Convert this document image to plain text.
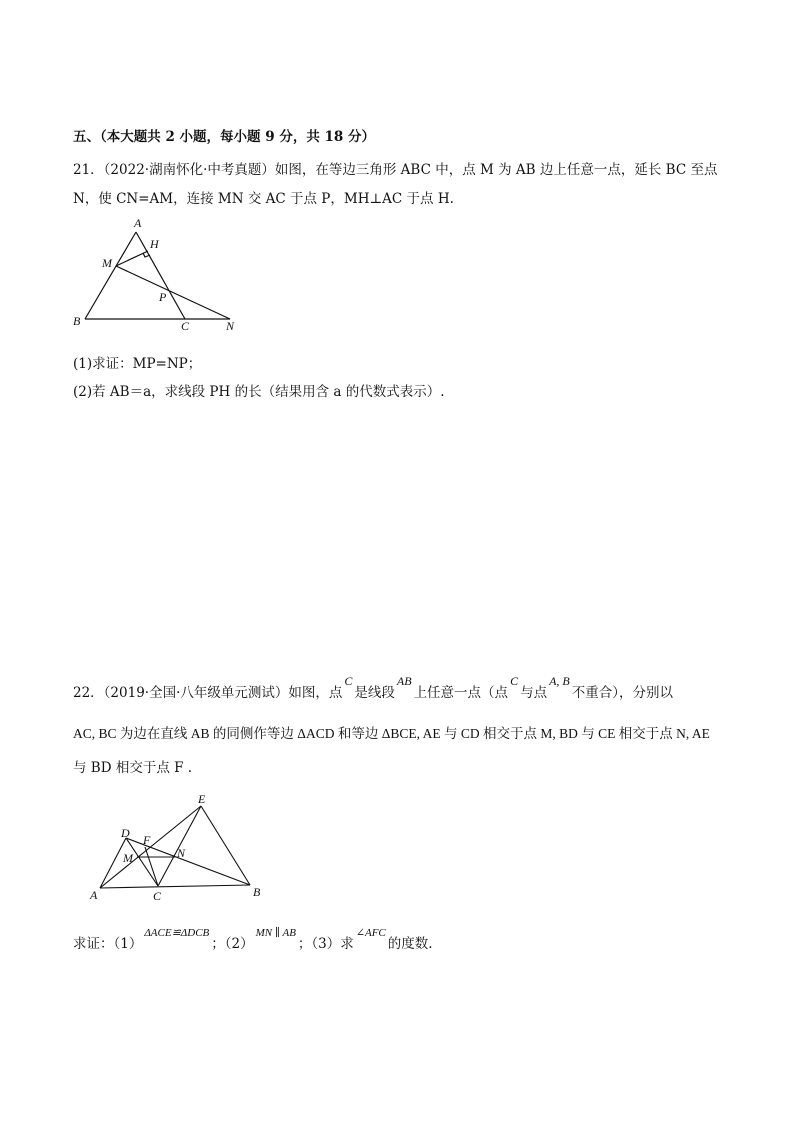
五、（本大题共 2 小题，每小题 9 分，共 18 分）
21．（2022·湖南怀化·中考真题）如图，在等边三角形 ABC 中，点 M 为 AB 边上任意一点，延长 BC 至点
N，使 CN=AM，连接 MN 交 AC 于点 P，MH⊥AC 于点 H.
A
H
M
P
B	C	N
(1)求证：MP=NP；
(2)若 AB＝a，求线段 PH 的长（结果用含 a 的代数式表示）.
22．（2019·全国·八年级单元测试）如图，点C是线段AB上任意一点（点C与点A, B不重合），分别以
AC, BC 为边在直线 AB 的同侧作等边 ΔACD 和等边 ΔBCE, AE 与 CD 相交于点 M, BD 与 CE 相交于点 N, AE
与 BD 相交于点 F .
E
D F
M	N
A	C	B
求证：$(1)^{\Delta ACE≌\Delta DCB}$；$(2)^{MN \parallel AB}$；（3）求$^{\angle AFC}$的度数.
